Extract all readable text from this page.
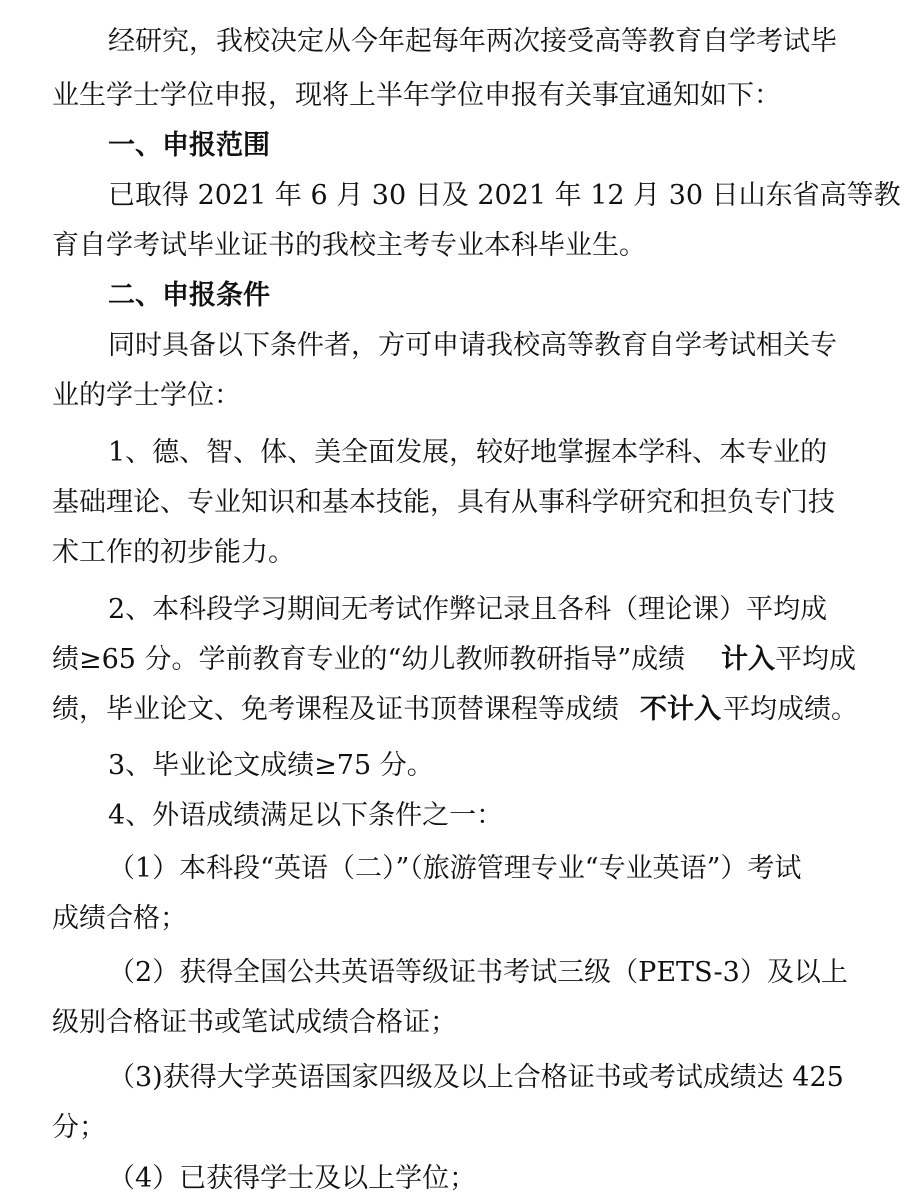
经研究，我校决定从今年起每年两次接受高等教育自学考试毕
业生学士学位申报，现将上半年学位申报有关事宜通知如下：
一、申报范围
已取得 2021 年 6 月 30 日及 2021 年 12 月 30 日山东省高等教
育自学考试毕业证书的我校主考专业本科毕业生。
二、申报条件
同时具备以下条件者，方可申请我校高等教育自学考试相关专
业的学士学位：
1、德、智、体、美全面发展，较好地掌握本学科、本专业的
基础理论、专业知识和基本技能，具有从事科学研究和担负专门技
术工作的初步能力。
2、本科段学习期间无考试作弊记录且各科（理论课）平均成
绩≥65 分。学前教育专业的“幼儿教师教研指导”成绩 计入 平均成
绩，毕业论文、免考课程及证书顶替课程等成绩 不计入 平均成绩。
3、毕业论文成绩≥75 分。
4、外语成绩满足以下条件之一：
（1）本科段“英语（二）”（旅游管理专业“专业英语”）考试
成绩合格；
（2）获得全国公共英语等级证书考试三级（PETS-3）及以上
级别合格证书或笔试成绩合格证；
（3)获得大学英语国家四级及以上合格证书或考试成绩达 425
分；
（4）已获得学士及以上学位；
